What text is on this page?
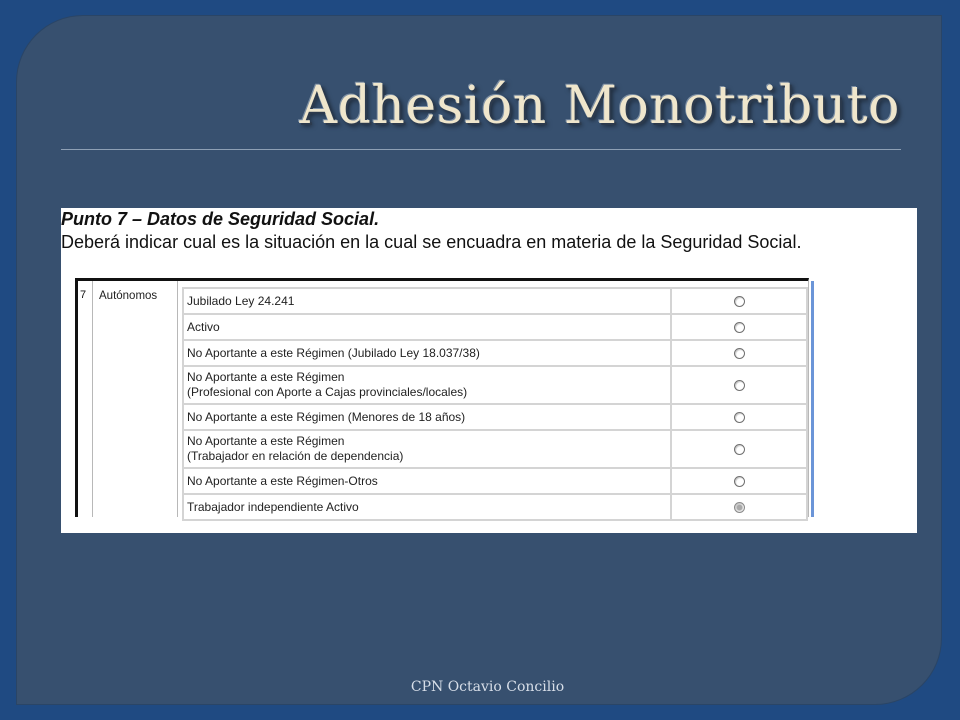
Adhesión Monotributo
Punto 7 – Datos de Seguridad Social.
Deberá indicar cual es la situación en la cual se encuadra en materia de la Seguridad Social.
7 Autónomos Jubilado Ley 24.241	
Activo	
No Aportante a este Régimen (Jubilado Ley 18.037/38)	
No Aportante a este Régimen
(Profesional con Aporte a Cajas provinciales/locales)	
No Aportante a este Régimen (Menores de 18 años)	
No Aportante a este Régimen
(Trabajador en relación de dependencia)	
No Aportante a este Régimen-Otros	
Trabajador independiente Activo	
CPN Octavio Concilio
